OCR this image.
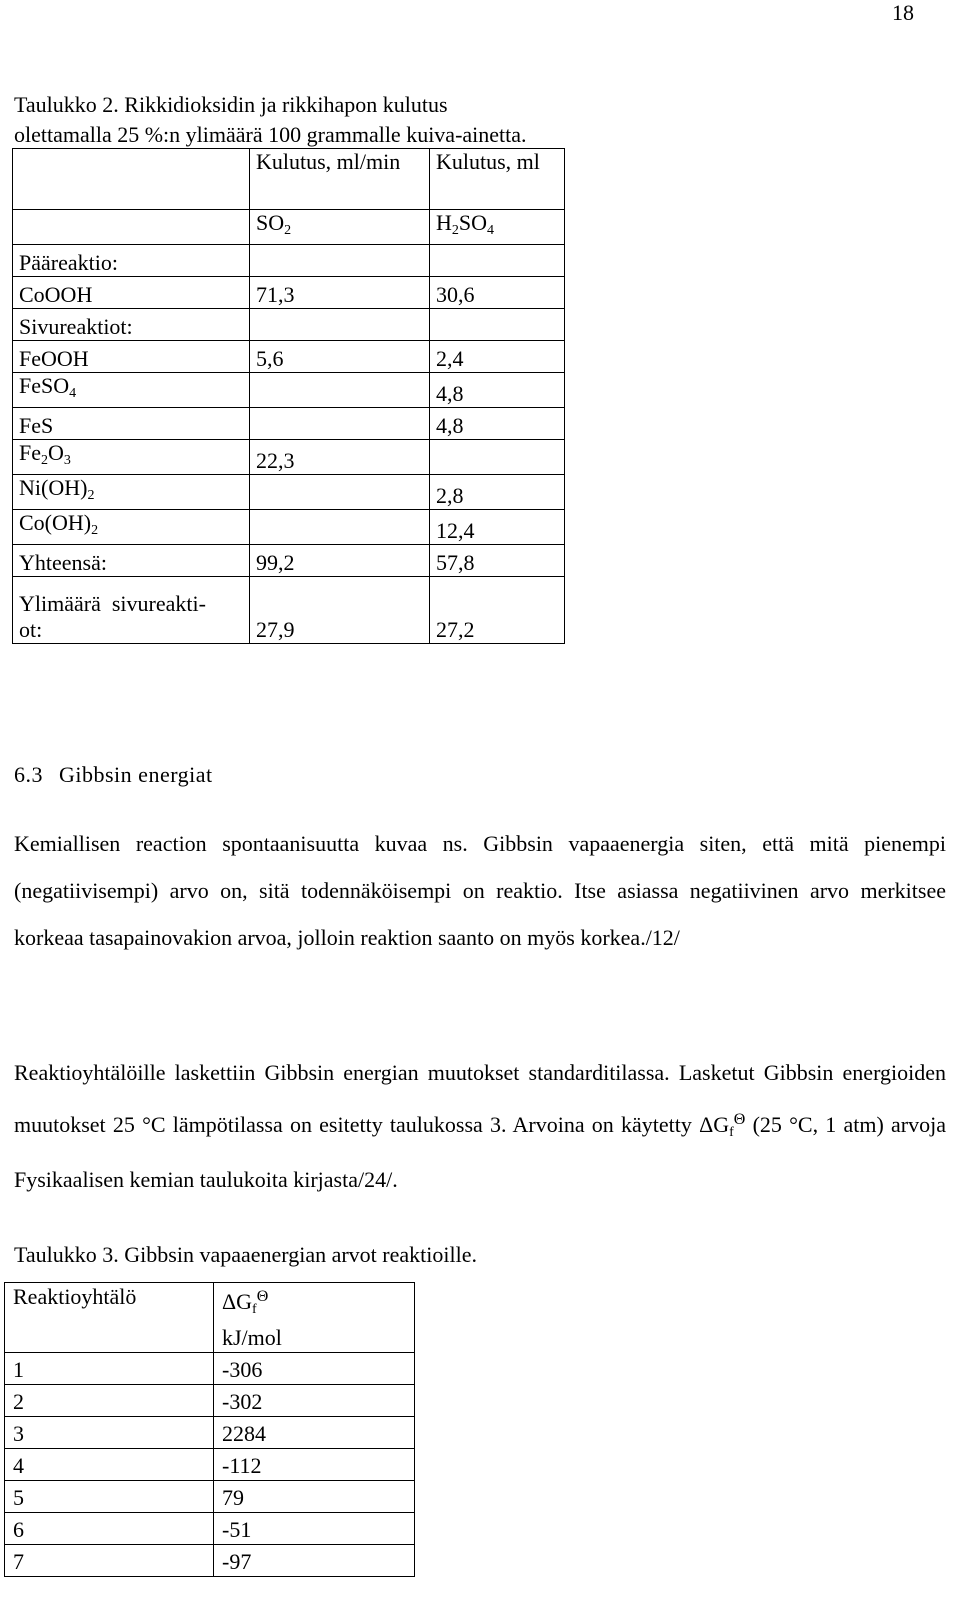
18
Taulukko 2. Rikkidioksidin ja rikkihapon kulutus
olettamalla 25 %:n ylimäärä 100 grammalle kuiva-ainetta.
	Kulutus, ml/min	Kulutus, ml
	$SO_2$	$H_2SO_4$
Pääreaktio:		
CoOOH	71,3	30,6
Sivureaktiot:		
FeOOH	5,6	2,4
FeSO$_4$		4,8
FeS		4,8
$Fe_2O_3$	22,3	
$Ni(OH)_2$		2,8
$Co(OH)_2$		12,4
Yhteensä:	99,2	57,8

Ylimäärä  sivureakti-
ot:	27,9	27,2
6.3 Gibbsin energiat
Kemiallisen reaction spontaanisuutta kuvaa ns. Gibbsin vapaaenergia siten, että mitä pienempi (negatiivisempi) arvo on, sitä todennäköisempi on reaktio. Itse asiassa negatiivinen arvo merkitsee korkeaa tasapainovakion arvoa, jolloin reaktion saanto on myös korkea./12/
Reaktioyhtälöille laskettiin Gibbsin energian muutokset standarditilassa. Lasketut Gibbsin energioiden muutokset 25 °C lämpötilassa on esitetty taulukossa 3. Arvoina on käytetty $\Delta G_f^\Theta$ (25 °C, 1 atm) arvoja Fysikaalisen kemian taulukoita kirjasta/24/.
Taulukko 3. Gibbsin vapaaenergian arvot reaktioille.
Reaktioyhtälö	$\Delta G_f^\Theta$
kJ/mol

1	-306
2	-302
3	2284
4	-112
5	79
6	-51
7	-97
